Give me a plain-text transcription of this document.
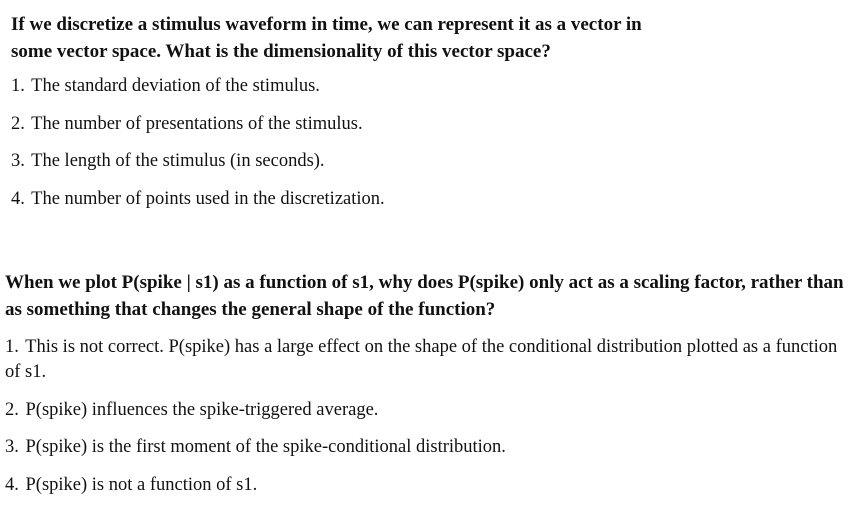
If we discretize a stimulus waveform in time, we can represent it as a vector in some vector space. What is the dimensionality of this vector space?

1. The standard deviation of the stimulus.
2. The number of presentations of the stimulus.
3. The length of the stimulus (in seconds).
4. The number of points used in the discretization.

When we plot P(spike | s1) as a function of s1, why does P(spike) only act as a scaling factor, rather than as something that changes the general shape of the function?

1. This is not correct. P(spike) has a large effect on the shape of the conditional distribution plotted as a function of s1.
2. P(spike) influences the spike-triggered average.
3. P(spike) is the first moment of the spike-conditional distribution.
4. P(spike) is not a function of s1.
